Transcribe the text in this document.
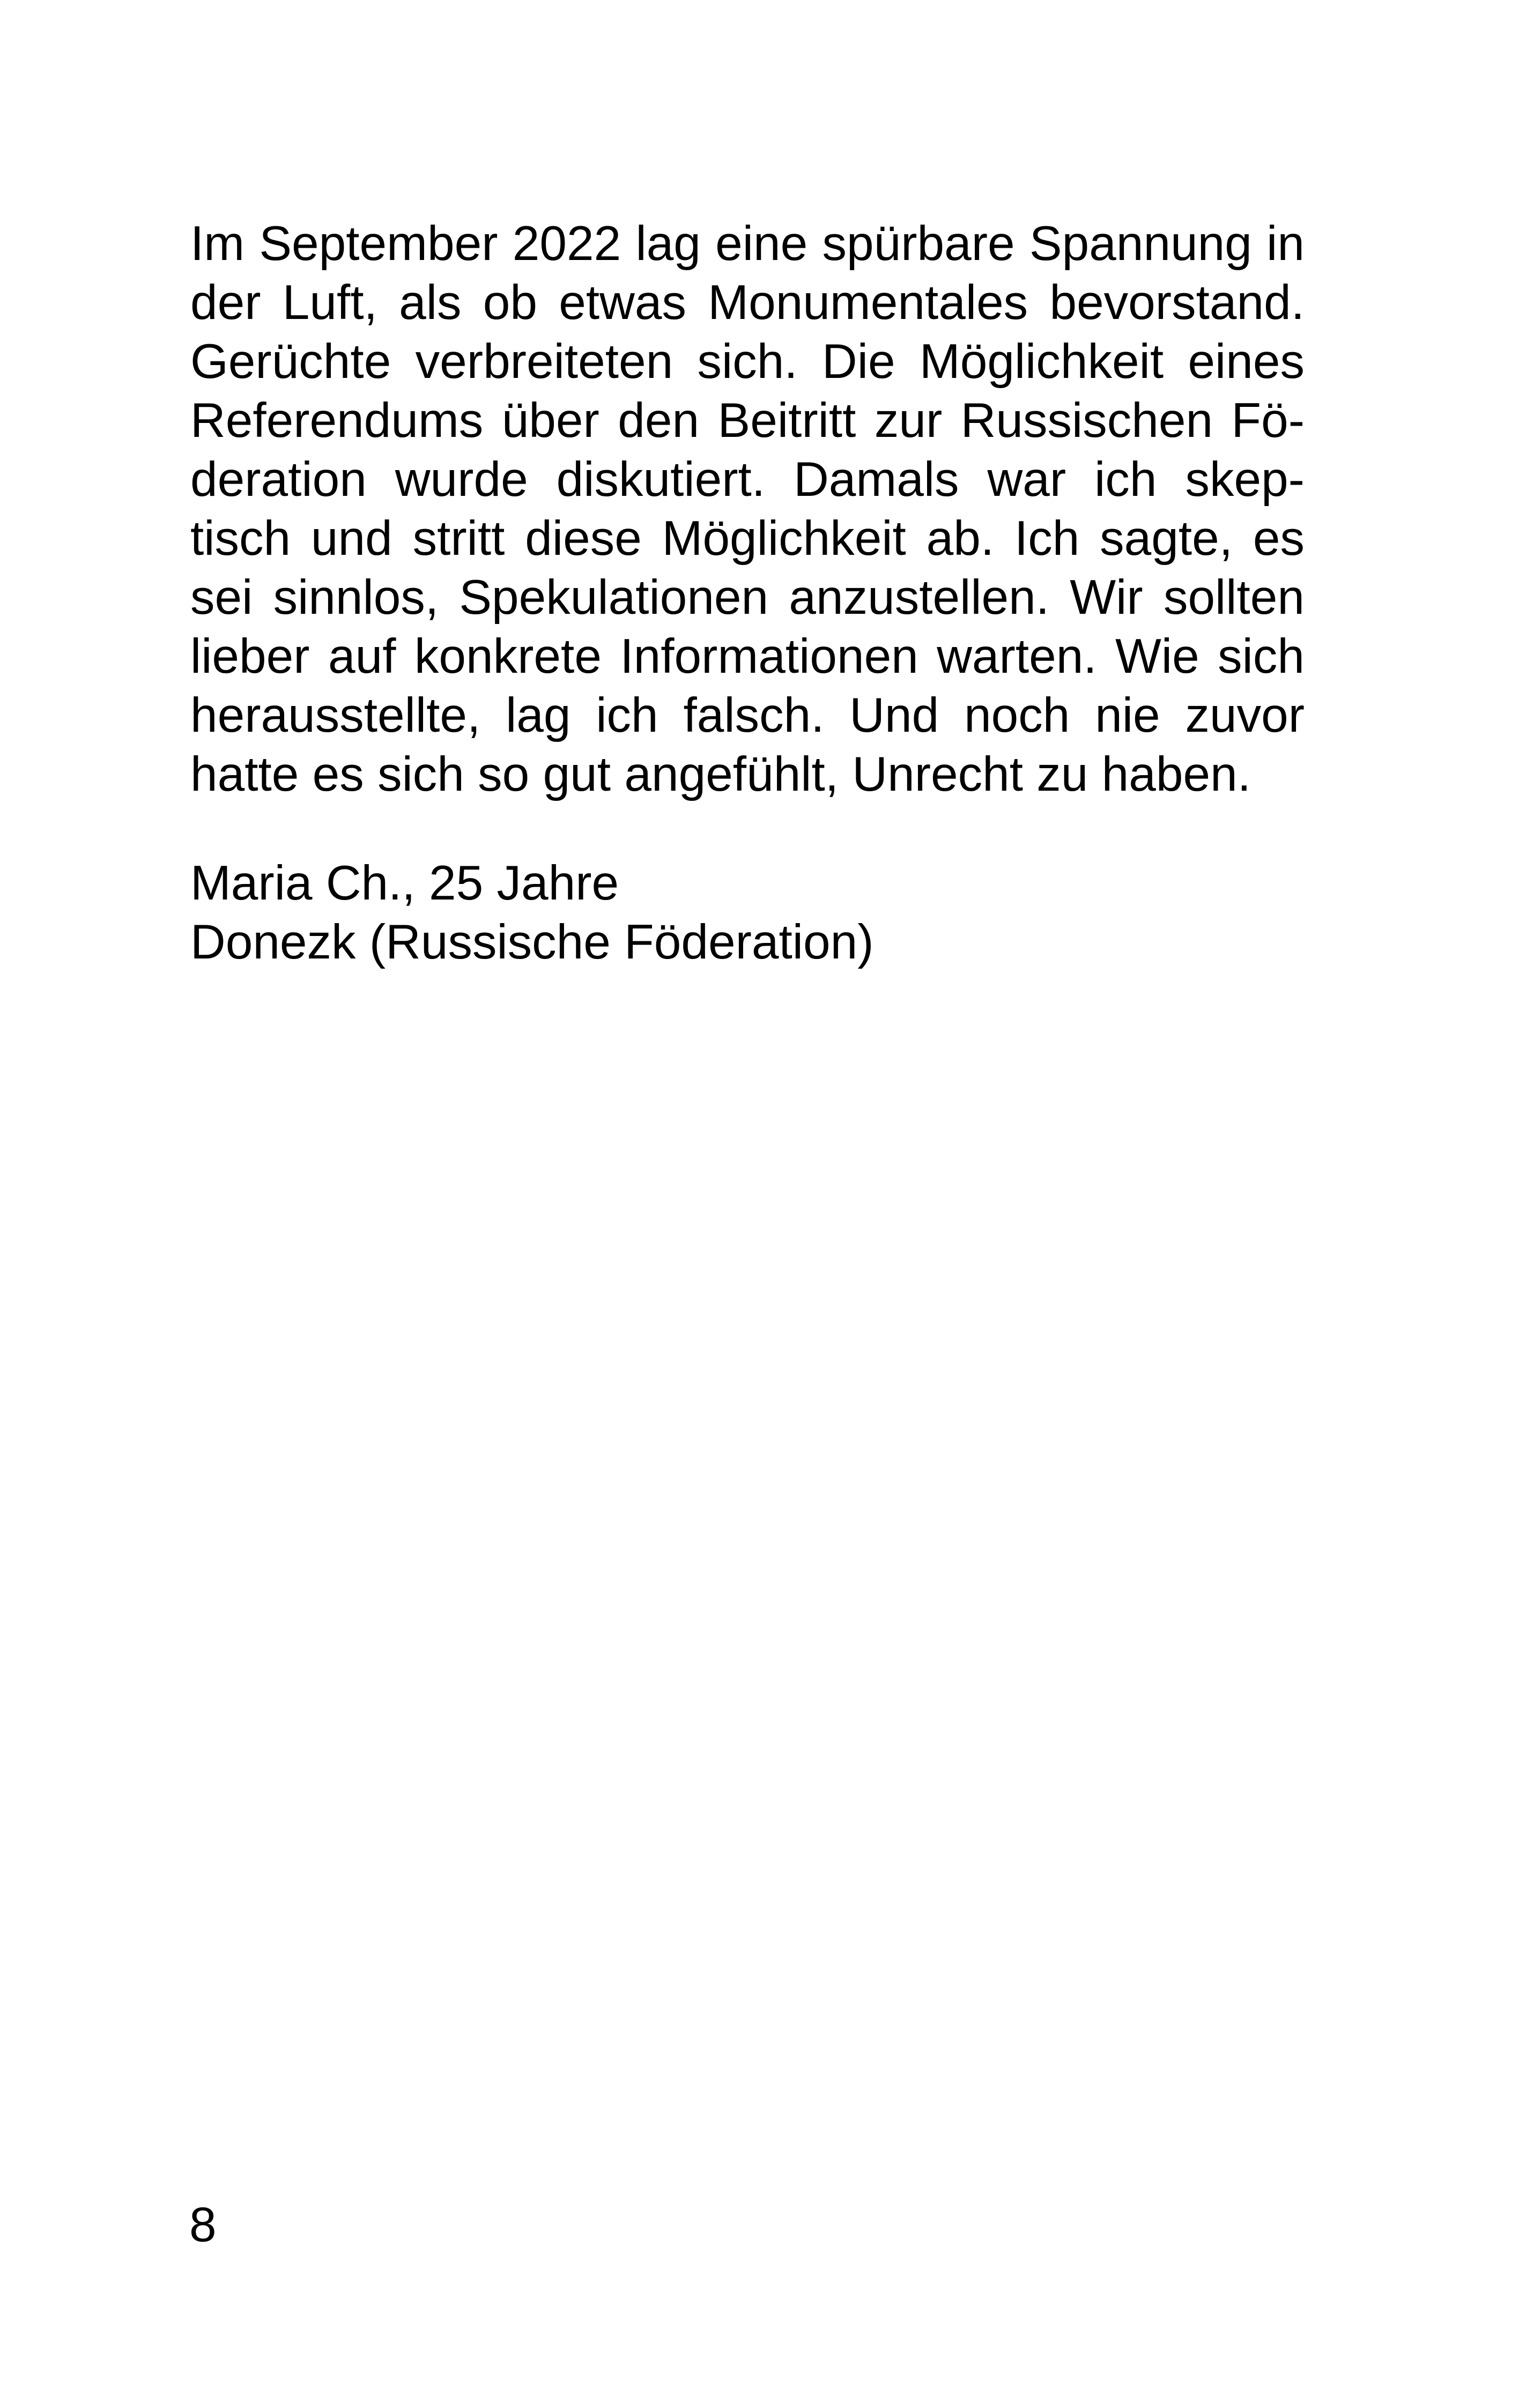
Im September 2022 lag eine spürbare Spannung in
der Luft, als ob etwas Monumentales bevorstand.
Gerüchte verbreiteten sich. Die Möglichkeit eines
Referendums über den Beitritt zur Russischen Fö-
deration wurde diskutiert. Damals war ich skep-
tisch und stritt diese Möglichkeit ab. Ich sagte, es
sei sinnlos, Spekulationen anzustellen. Wir sollten
lieber auf konkrete Informationen warten. Wie sich
herausstellte, lag ich falsch. Und noch nie zuvor
hatte es sich so gut angefühlt, Unrecht zu haben.
Maria Ch., 25 Jahre
Donezk (Russische Föderation)
8
